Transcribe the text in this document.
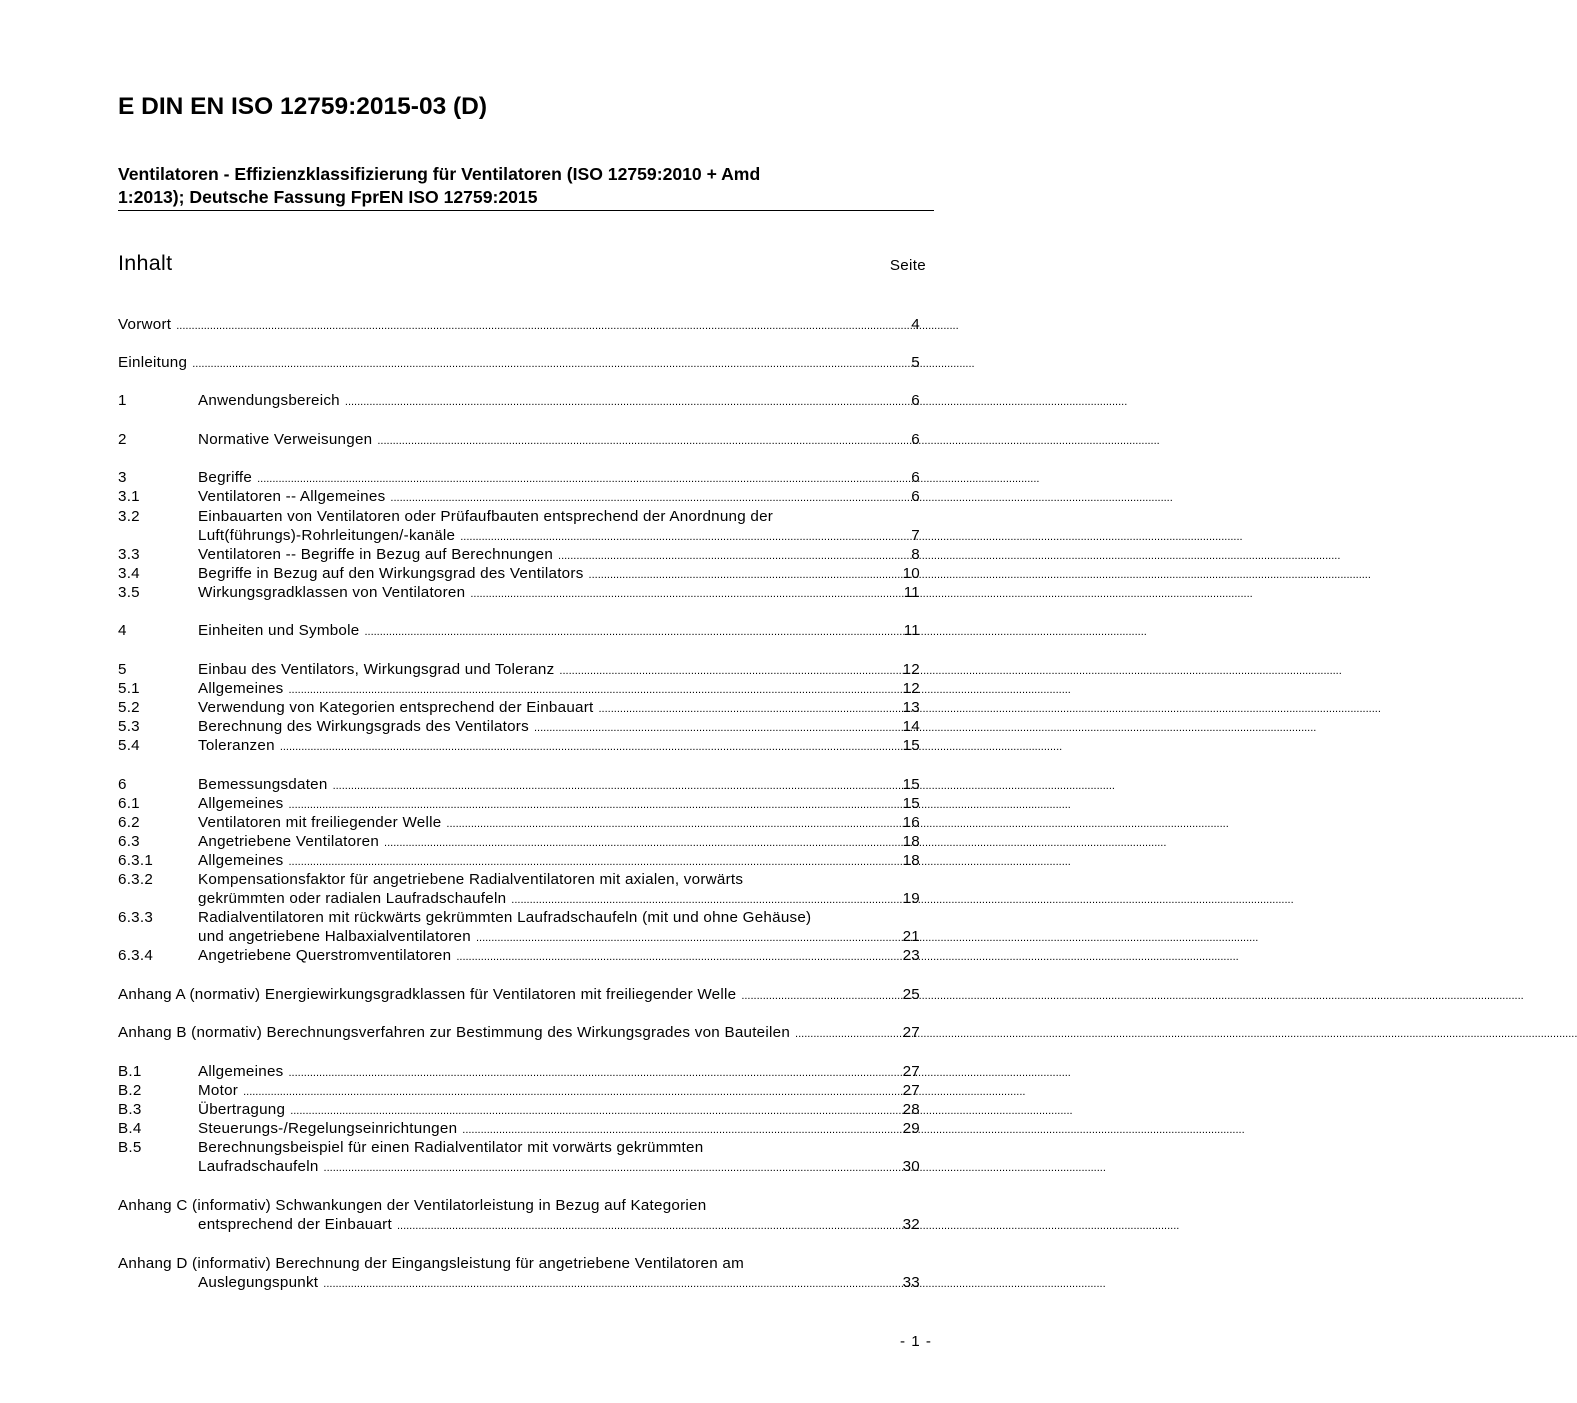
E DIN EN ISO 12759:2015-03 (D)
Ventilatoren - Effizienzklassifizierung für Ventilatoren (ISO 12759:2010 + Amd
1:2013); Deutsche Fassung FprEN ISO 12759:2015
Inhalt	Seite
Vorwort .....	4
Einleitung .....	5
1	Anwendungsbereich .....	6
2	Normative Verweisungen .....	6
3	Begriffe .....	6
3.1	Ventilatoren -- Allgemeines .....	6
3.2	Einbauarten von Ventilatoren oder Prüfaufbauten entsprechend der Anordnung der
Luft(führungs)-Rohrleitungen/-kanäle .....	7
3.3	Ventilatoren -- Begriffe in Bezug auf Berechnungen .....	8
3.4	Begriffe in Bezug auf den Wirkungsgrad des Ventilators .....	10
3.5	Wirkungsgradklassen von Ventilatoren .....	11
4	Einheiten und Symbole .....	11
5	Einbau des Ventilators, Wirkungsgrad und Toleranz .....	12
5.1	Allgemeines .....	12
5.2	Verwendung von Kategorien entsprechend der Einbauart .....	13
5.3	Berechnung des Wirkungsgrads des Ventilators .....	14
5.4	Toleranzen .....	15
6	Bemessungsdaten .....	15
6.1	Allgemeines .....	15
6.2	Ventilatoren mit freiliegender Welle .....	16
6.3	Angetriebene Ventilatoren .....	18
6.3.1	Allgemeines .....	18
6.3.2	Kompensationsfaktor für angetriebene Radialventilatoren mit axialen, vorwärts
gekrümmten oder radialen Laufradschaufeln .....	19
6.3.3	Radialventilatoren mit rückwärts gekrümmten Laufradschaufeln (mit und ohne Gehäuse)
und angetriebene Halbaxialventilatoren .....	21
6.3.4	Angetriebene Querstromventilatoren .....	23
Anhang A (normativ) Energiewirkungsgradklassen für Ventilatoren mit freiliegender Welle .....	25
Anhang B (normativ) Berechnungsverfahren zur Bestimmung des Wirkungsgrades von Bauteilen .....	27
B.1	Allgemeines .....	27
B.2	Motor .....	27
B.3	Übertragung .....	28
B.4	Steuerungs-/Regelungseinrichtungen .....	29
B.5	Berechnungsbeispiel für einen Radialventilator mit vorwärts gekrümmten
Laufradschaufeln .....	30
Anhang C (informativ) Schwankungen der Ventilatorleistung in Bezug auf Kategorien
entsprechend der Einbauart .....	32
Anhang D (informativ) Berechnung der Eingangsleistung für angetriebene Ventilatoren am
Auslegungspunkt .....	33
- 1 -
